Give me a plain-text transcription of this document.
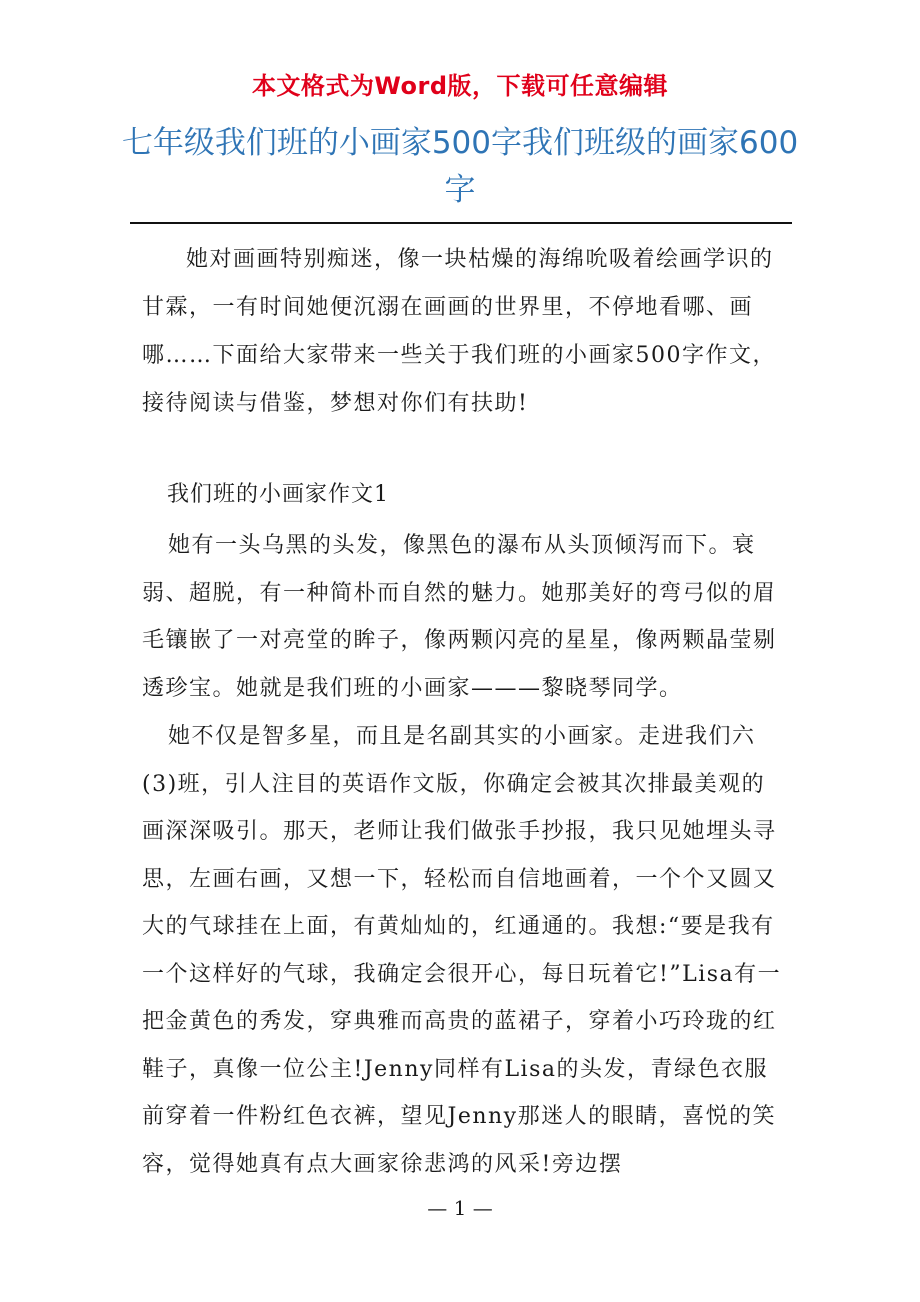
本文格式为Word版，下载可任意编辑
七年级我们班的小画家500字我们班级的画家600字
她对画画特别痴迷，像一块枯燥的海绵吮吸着绘画学识的甘霖，一有时间她便沉溺在画画的世界里，不停地看哪、画哪……下面给大家带来一些关于我们班的小画家500字作文，接待阅读与借鉴，梦想对你们有扶助!
我们班的小画家作文1
她有一头乌黑的头发，像黑色的瀑布从头顶倾泻而下。衰弱、超脱，有一种简朴而自然的魅力。她那美好的弯弓似的眉毛镶嵌了一对亮堂的眸子，像两颗闪亮的星星，像两颗晶莹剔透珍宝。她就是我们班的小画家———黎晓琴同学。
她不仅是智多星，而且是名副其实的小画家。走进我们六(3)班，引人注目的英语作文版，你确定会被其次排最美观的画深深吸引。那天，老师让我们做张手抄报，我只见她埋头寻思，左画右画，又想一下，轻松而自信地画着，一个个又圆又大的气球挂在上面，有黄灿灿的，红通通的。我想:“要是我有一个这样好的气球，我确定会很开心，每日玩着它!”Lisa有一把金黄色的秀发，穿典雅而高贵的蓝裙子，穿着小巧玲珑的红鞋子，真像一位公主!Jenny同样有Lisa的头发，青绿色衣服前穿着一件粉红色衣裤，望见Jenny那迷人的眼睛，喜悦的笑容，觉得她真有点大画家徐悲鸿的风采!旁边摆
— 1 —
